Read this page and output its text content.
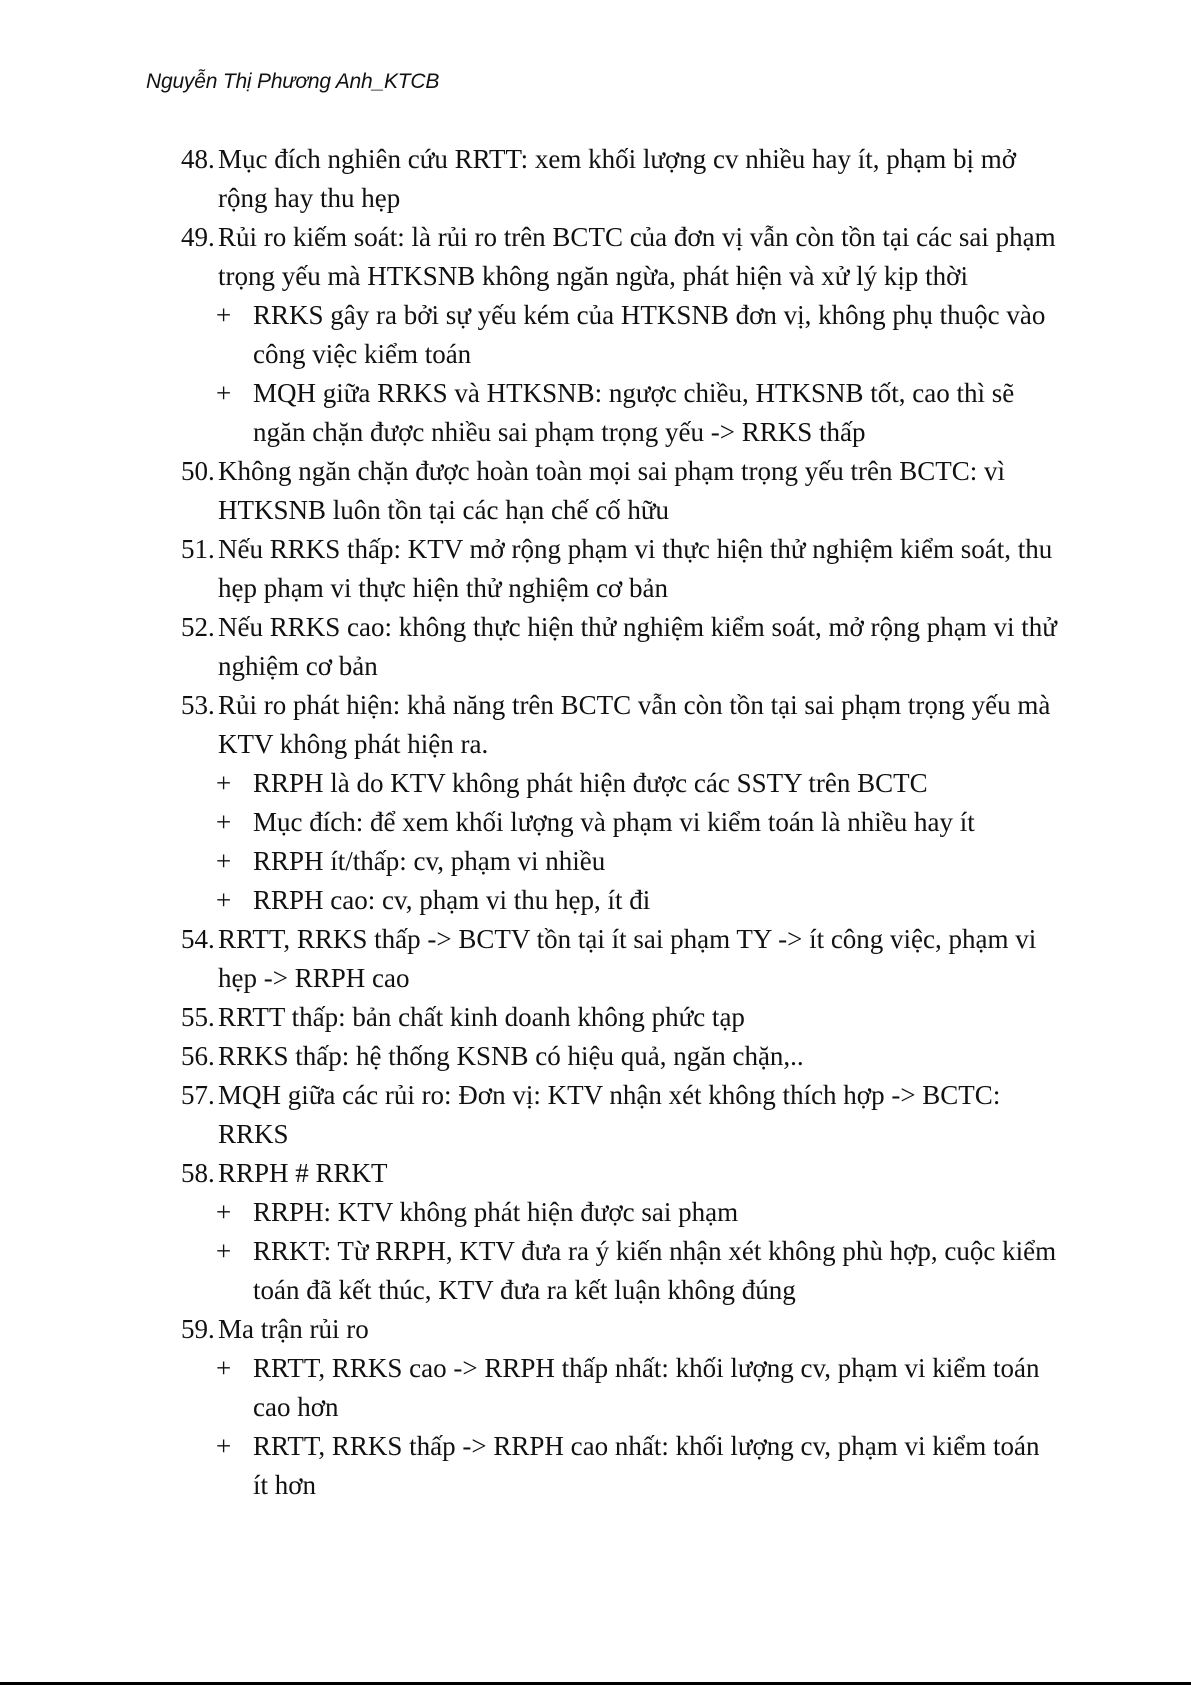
Nguyễn Thị Phương Anh_KTCB
48. Mục đích nghiên cứu RRTT: xem khối lượng cv nhiều hay ít, phạm bị mở rộng hay thu hẹp
49. Rủi ro kiếm soát: là rủi ro trên BCTC của đơn vị vẫn còn tồn tại các sai phạm trọng yếu mà HTKSNB không ngăn ngừa, phát hiện và xử lý kịp thời
+ RRKS gây ra bởi sự yếu kém của HTKSNB đơn vị, không phụ thuộc vào công việc kiểm toán
+ MQH giữa RRKS và HTKSNB: ngược chiều, HTKSNB tốt, cao thì sẽ ngăn chặn được nhiều sai phạm trọng yếu -> RRKS thấp
50. Không ngăn chặn được hoàn toàn mọi sai phạm trọng yếu trên BCTC: vì HTKSNB luôn tồn tại các hạn chế cố hữu
51. Nếu RRKS thấp: KTV mở rộng phạm vi thực hiện thử nghiệm kiểm soát, thu hẹp phạm vi thực hiện thử nghiệm cơ bản
52. Nếu RRKS cao: không thực hiện thử nghiệm kiểm soát, mở rộng phạm vi thử nghiệm cơ bản
53. Rủi ro phát hiện: khả năng trên BCTC vẫn còn tồn tại sai phạm trọng yếu mà KTV không phát hiện ra.
+ RRPH là do KTV không phát hiện được các SSTY trên BCTC
+ Mục đích: để xem khối lượng và phạm vi kiểm toán là nhiều hay ít
+ RRPH ít/thấp: cv, phạm vi nhiều
+ RRPH cao: cv, phạm vi thu hẹp, ít đi
54. RRTT, RRKS thấp -> BCTV tồn tại ít sai phạm TY -> ít công việc, phạm vi hẹp -> RRPH cao
55. RRTT thấp: bản chất kinh doanh không phức tạp
56. RRKS thấp: hệ thống KSNB có hiệu quả, ngăn chặn,..
57. MQH giữa các rủi ro: Đơn vị: KTV nhận xét không thích hợp -> BCTC: RRKS
58. RRPH # RRKT
+ RRPH: KTV không phát hiện được sai phạm
+ RRKT: Từ RRPH, KTV đưa ra ý kiến nhận xét không phù hợp, cuộc kiểm toán đã kết thúc, KTV đưa ra kết luận không đúng
59. Ma trận rủi ro
+ RRTT, RRKS cao -> RRPH thấp nhất: khối lượng cv, phạm vi kiểm toán cao hơn
+ RRTT, RRKS thấp -> RRPH cao nhất: khối lượng cv, phạm vi kiểm toán ít hơn
